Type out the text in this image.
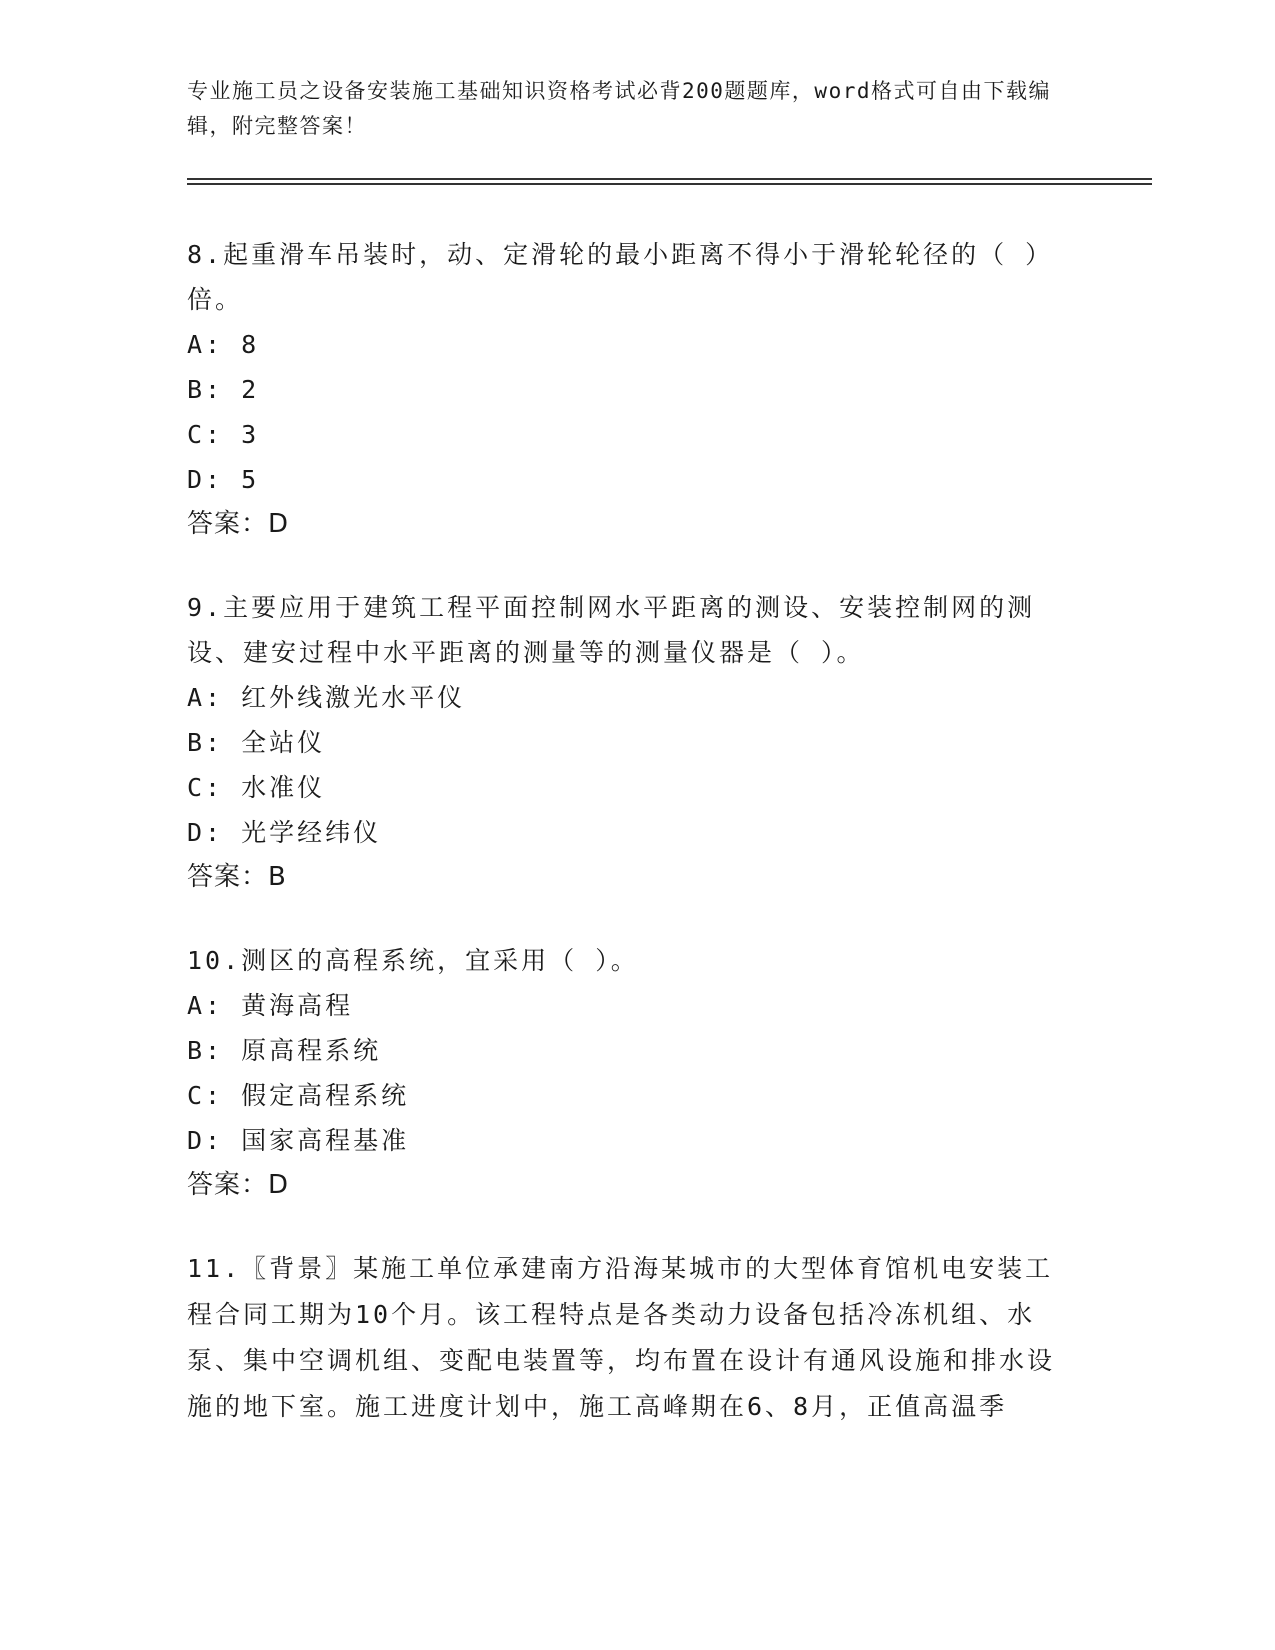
专业施工员之设备安装施工基础知识资格考试必背200题题库，word格式可自由下载编辑，附完整答案！

8.起重滑车吊装时，动、定滑轮的最小距离不得小于滑轮轮径的（ ）倍。

A: 8

B: 2

C: 3

D: 5

答案：D

9.主要应用于建筑工程平面控制网水平距离的测设、安装控制网的测设、建安过程中水平距离的测量等的测量仪器是（ ）。

A: 红外线激光水平仪

B: 全站仪

C: 水准仪

D: 光学经纬仪

答案：B

10.测区的高程系统，宜采用（ ）。

A: 黄海高程

B: 原高程系统

C: 假定高程系统

D: 国家高程基准

答案：D

11.〖背景〗某施工单位承建南方沿海某城市的大型体育馆机电安装工程合同工期为10个月。该工程特点是各类动力设备包括冷冻机组、水泵、集中空调机组、变配电装置等，均布置在设计有通风设施和排水设施的地下室。施工进度计划中，施工高峰期在6、8月，正值高温季
